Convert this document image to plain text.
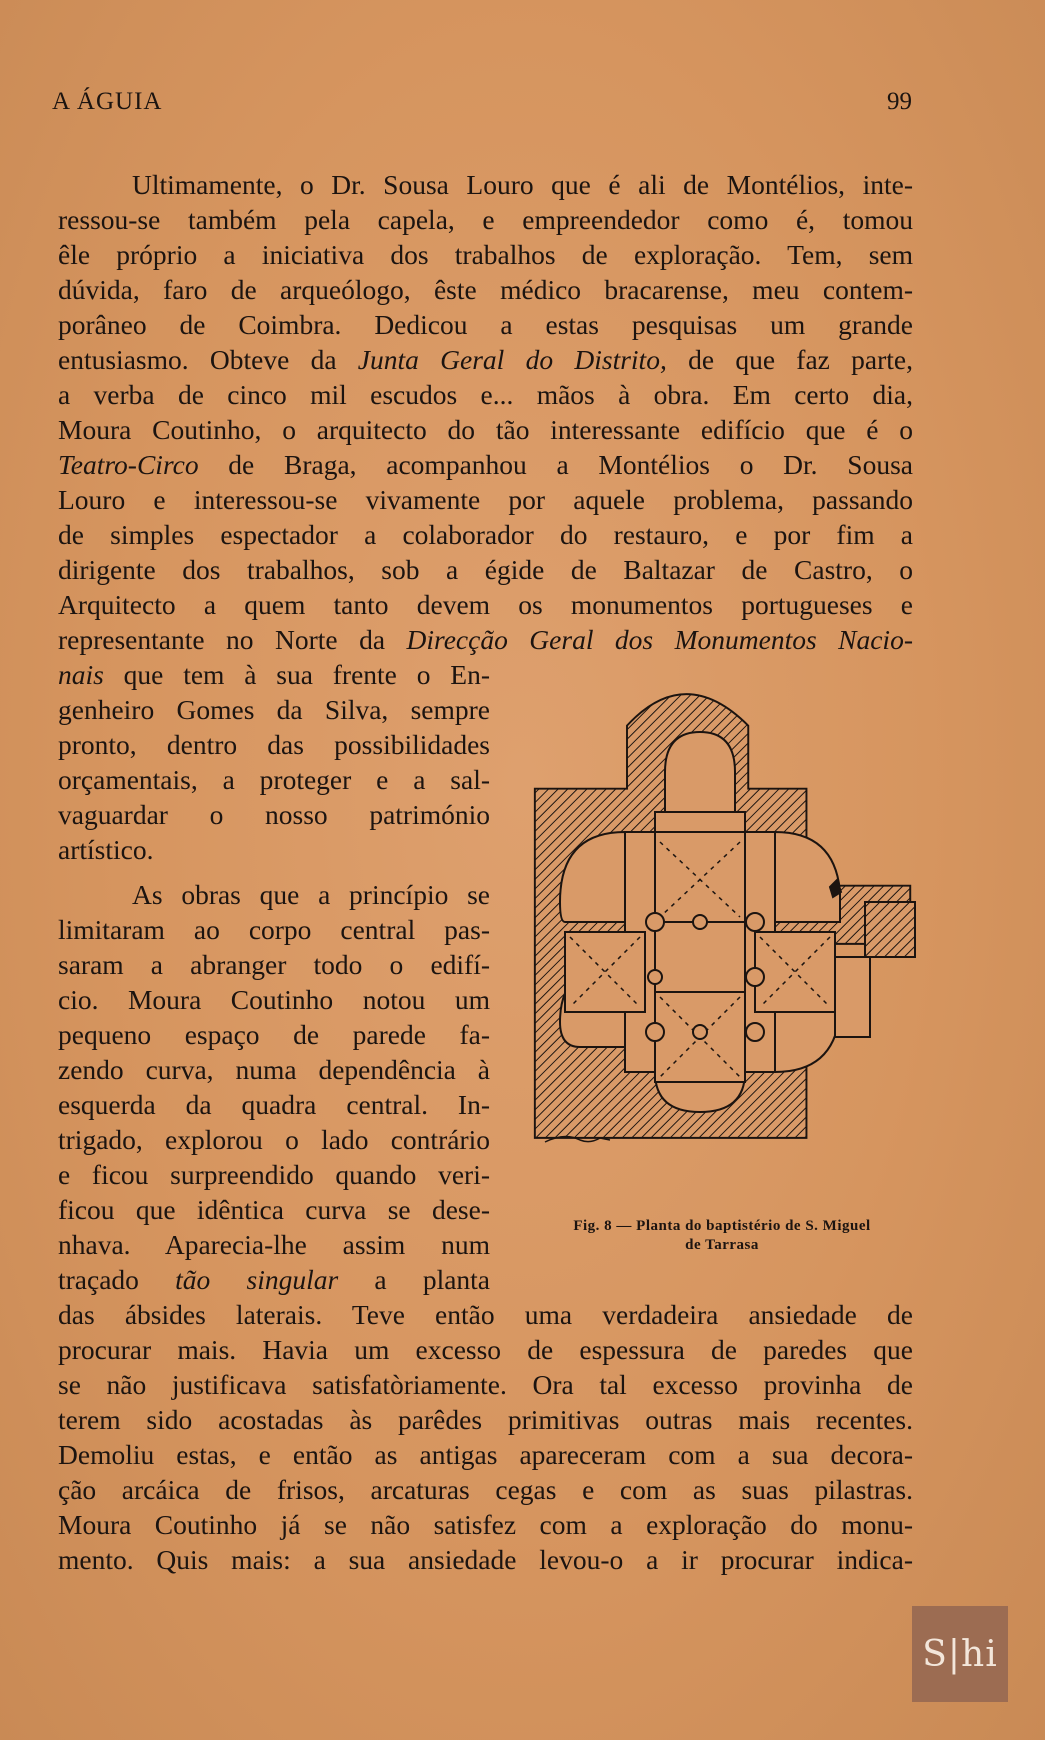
A ÁGUIA	99
Ultimamente, o Dr. Sousa Louro que é ali de Montélios, inte-
ressou-se também pela capela, e empreendedor como é, tomou
êle próprio a iniciativa dos trabalhos de exploração. Tem, sem
dúvida, faro de arqueólogo, êste médico bracarense, meu contem-
porâneo de Coimbra. Dedicou a estas pesquisas um grande
entusiasmo. Obteve da Junta Geral do Distrito, de que faz parte,
a verba de cinco mil escudos e... mãos à obra. Em certo dia,
Moura Coutinho, o arquitecto do tão interessante edifício que é o
Teatro-Circo de Braga, acompanhou a Montélios o Dr. Sousa
Louro e interessou-se vivamente por aquele problema, passando
de simples espectador a colaborador do restauro, e por fim a
dirigente dos trabalhos, sob a égide de Baltazar de Castro, o
Arquitecto a quem tanto devem os monumentos portugueses e
representante no Norte da Direcção Geral dos Monumentos Nacio-
nais que tem à sua frente o En-
genheiro Gomes da Silva, sempre
pronto, dentro das possibilidades
orçamentais, a proteger e a sal-
vaguardar o nosso património
artístico.
As obras que a princípio se
limitaram ao corpo central pas-
saram a abranger todo o edifí-
cio. Moura Coutinho notou um
pequeno espaço de parede fa-
zendo curva, numa dependência à
esquerda da quadra central. In-
trigado, explorou o lado contrário
e ficou surpreendido quando veri-
ficou que idêntica curva se dese-
nhava. Aparecia-lhe assim num
traçado tão singular a planta
das ábsides laterais. Teve então uma verdadeira ansiedade de
procurar mais. Havia um excesso de espessura de paredes que
se não justificava satisfatòriamente. Ora tal excesso provinha de
terem sido acostadas às parêdes primitivas outras mais recentes.
Demoliu estas, e então as antigas apareceram com a sua decora-
ção arcáica de frisos, arcaturas cegas e com as suas pilastras.
Moura Coutinho já se não satisfez com a exploração do monu-
mento. Quis mais: a sua ansiedade levou-o a ir procurar indica-
Fig. 8 — Planta do baptistério de S. Miguel
de Tarrasa
S|hi
